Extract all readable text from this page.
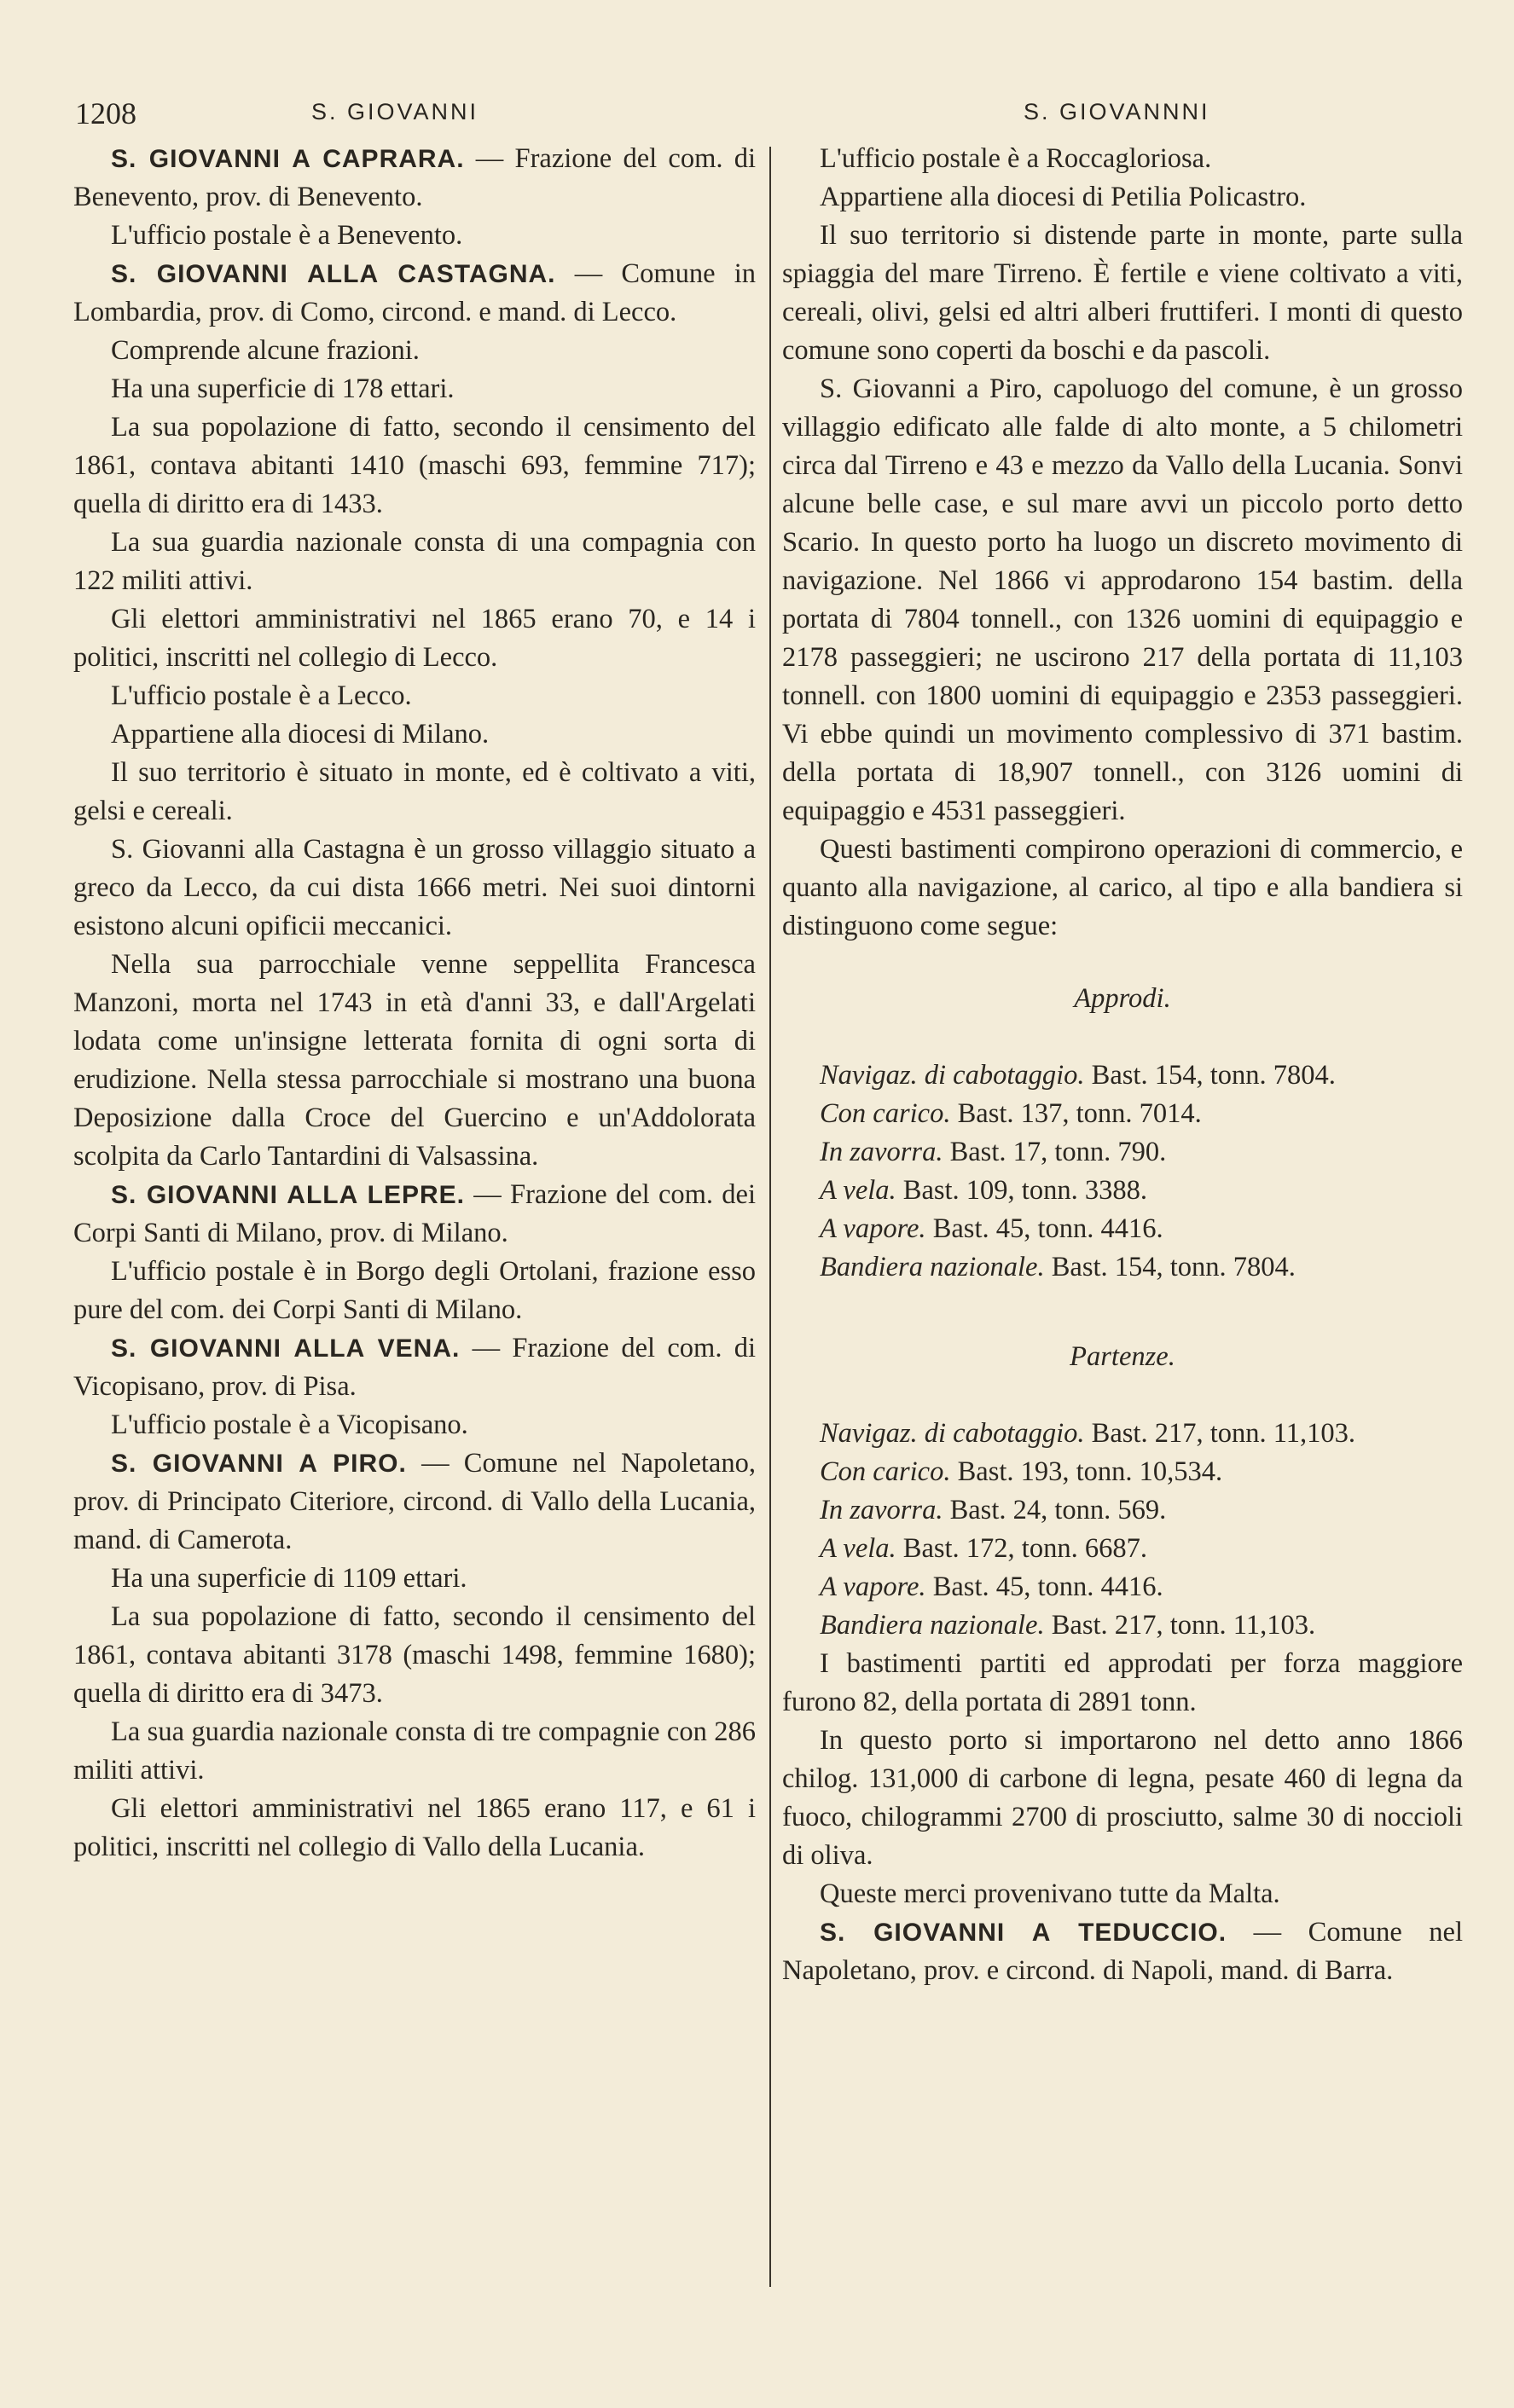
1208	S. GIOVANNI	S. GIOVANNNI

S. GIOVANNI A CAPRARA. — Frazione del com. di Benevento, prov. di Benevento.

L'ufficio postale è a Benevento.

S. GIOVANNI ALLA CASTAGNA. — Comune in Lombardia, prov. di Como, circond. e mand. di Lecco.

Comprende alcune frazioni.

Ha una superficie di 178 ettari.

La sua popolazione di fatto, secondo il censimento del 1861, contava abitanti 1410 (maschi 693, femmine 717); quella di diritto era di 1433.

La sua guardia nazionale consta di una compagnia con 122 militi attivi.

Gli elettori amministrativi nel 1865 erano 70, e 14 i politici, inscritti nel collegio di Lecco.

L'ufficio postale è a Lecco.

Appartiene alla diocesi di Milano.

Il suo territorio è situato in monte, ed è coltivato a viti, gelsi e cereali.

S. Giovanni alla Castagna è un grosso villaggio situato a greco da Lecco, da cui dista 1666 metri. Nei suoi dintorni esistono alcuni opificii meccanici.

Nella sua parrocchiale venne seppellita Francesca Manzoni, morta nel 1743 in età d'anni 33, e dall'Argelati lodata come un'insigne letterata fornita di ogni sorta di erudizione. Nella stessa parrocchiale si mostrano una buona Deposizione dalla Croce del Guercino e un'Addolorata scolpita da Carlo Tantardini di Valsassina.

S. GIOVANNI ALLA LEPRE. — Frazione del com. dei Corpi Santi di Milano, prov. di Milano.

L'ufficio postale è in Borgo degli Ortolani, frazione esso pure del com. dei Corpi Santi di Milano.

S. GIOVANNI ALLA VENA. — Frazione del com. di Vicopisano, prov. di Pisa.

L'ufficio postale è a Vicopisano.

S. GIOVANNI A PIRO. — Comune nel Napoletano, prov. di Principato Citeriore, circond. di Vallo della Lucania, mand. di Camerota.

Ha una superficie di 1109 ettari.

La sua popolazione di fatto, secondo il censimento del 1861, contava abitanti 3178 (maschi 1498, femmine 1680); quella di diritto era di 3473.

La sua guardia nazionale consta di tre compagnie con 286 militi attivi.

Gli elettori amministrativi nel 1865 erano 117, e 61 i politici, inscritti nel collegio di Vallo della Lucania.

L'ufficio postale è a Roccagloriosa.

Appartiene alla diocesi di Petilia Policastro.

Il suo territorio si distende parte in monte, parte sulla spiaggia del mare Tirreno. È fertile e viene coltivato a viti, cereali, olivi, gelsi ed altri alberi fruttiferi. I monti di questo comune sono coperti da boschi e da pascoli.

S. Giovanni a Piro, capoluogo del comune, è un grosso villaggio edificato alle falde di alto monte, a 5 chilometri circa dal Tirreno e 43 e mezzo da Vallo della Lucania. Sonvi alcune belle case, e sul mare avvi un piccolo porto detto Scario. In questo porto ha luogo un discreto movimento di navigazione. Nel 1866 vi approdarono 154 bastim. della portata di 7804 tonnell., con 1326 uomini di equipaggio e 2178 passeggieri; ne uscirono 217 della portata di 11,103 tonnell. con 1800 uomini di equipaggio e 2353 passeggieri. Vi ebbe quindi un movimento complessivo di 371 bastim. della portata di 18,907 tonnell., con 3126 uomini di equipaggio e 4531 passeggieri.

Questi bastimenti compirono operazioni di commercio, e quanto alla navigazione, al carico, al tipo e alla bandiera si distinguono come segue:

Approdi.

Navigaz. di cabotaggio. Bast. 154, tonn. 7804.

Con carico. Bast. 137, tonn. 7014.

In zavorra. Bast. 17, tonn. 790.

A vela. Bast. 109, tonn. 3388.

A vapore. Bast. 45, tonn. 4416.

Bandiera nazionale. Bast. 154, tonn. 7804.

Partenze.

Navigaz. di cabotaggio. Bast. 217, tonn. 11,103.

Con carico. Bast. 193, tonn. 10,534.

In zavorra. Bast. 24, tonn. 569.

A vela. Bast. 172, tonn. 6687.

A vapore. Bast. 45, tonn. 4416.

Bandiera nazionale. Bast. 217, tonn. 11,103.

I bastimenti partiti ed approdati per forza maggiore furono 82, della portata di 2891 tonn.

In questo porto si importarono nel detto anno 1866 chilog. 131,000 di carbone di legna, pesate 460 di legna da fuoco, chilogrammi 2700 di prosciutto, salme 30 di noccioli di oliva.

Queste merci provenivano tutte da Malta.

S. GIOVANNI A TEDUCCIO. — Comune nel Napoletano, prov. e circond. di Napoli, mand. di Barra.
